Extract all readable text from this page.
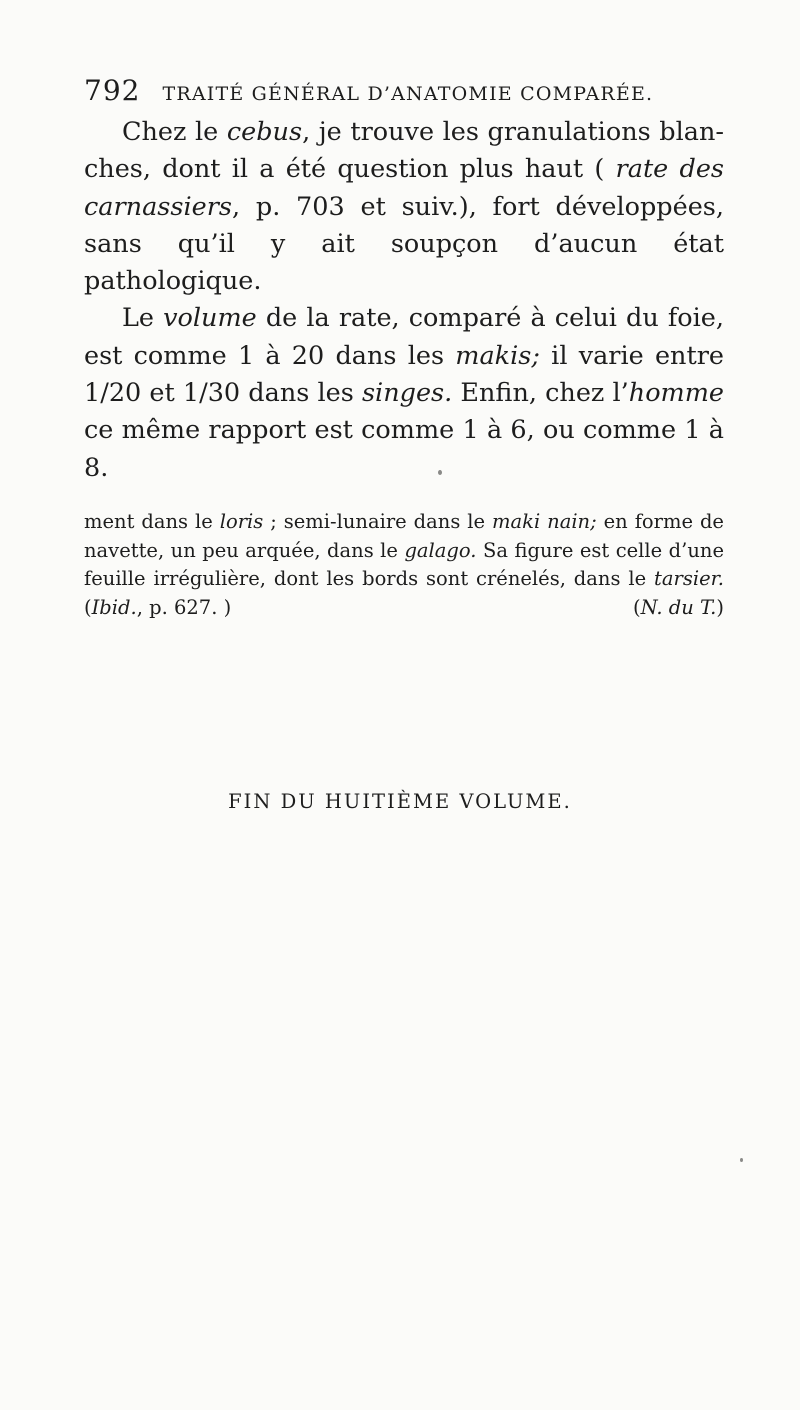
792 TRAITÉ GÉNÉRAL D’ANATOMIE COMPARÉE.

Chez le cebus, je trouve les granulations blan-ches, dont il a été question plus haut ( rate des carnassiers, p. 703 et suiv.), fort développées, sans qu’il y ait soupçon d’aucun état pathologique.

Le volume de la rate, comparé à celui du foie, est comme 1 à 20 dans les makis; il varie entre 1/20 et 1/30 dans les singes. Enfin, chez l’homme ce même rapport est comme 1 à 6, ou comme 1 à 8.

ment dans le loris ; semi-lunaire dans le maki nain; en forme de navette, un peu arquée, dans le galago. Sa figure est celle d’une feuille irrégulière, dont les bords sont crénelés, dans le tarsier. (Ibid., p. 627. )	(N. du T.)

FIN DU HUITIÈME VOLUME.
